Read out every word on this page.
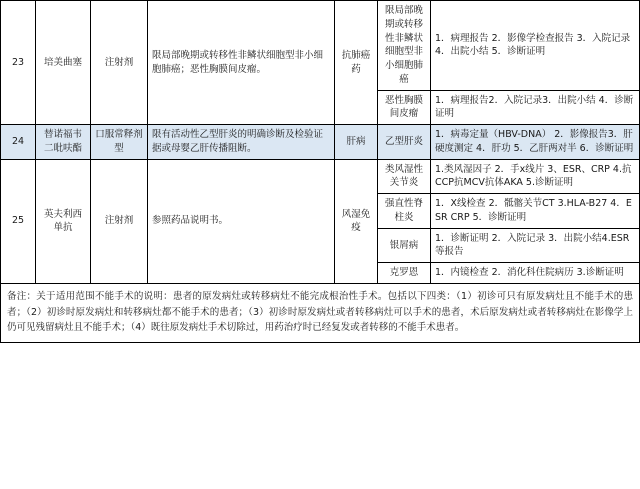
23	培美曲塞	注射剂	限局部晚期或转移性非鳞状细胞型非小细胞肺癌；恶性胸膜间皮瘤。	抗肺癌药	限局部晚期或转移性非鳞状细胞型非小细胞肺癌	1．病理报告 2．影像学检查报告 3．入院记录 4．出院小结 5．诊断证明
					恶性胸膜间皮瘤	1．病理报告2．入院记录3．出院小结 4．诊断证明
24	替诺福韦二吡呋酯	口服常释剂型	限有活动性乙型肝炎的明确诊断及检验证据或母婴乙肝传播阻断。	肝病	乙型肝炎	1．病毒定量（HBV-DNA） 2．影像报告3．肝硬度测定 4．肝功 5．乙肝两对半 6．诊断证明
25	英夫利西单抗	注射剂	参照药品说明书。	风湿免疫	类风湿性关节炎	1.类风湿因子 2．手х线片 3、ESR、CRP 4.抗CCP抗MCV抗体AKA 5.诊断证明
					强直性脊柱炎	1．X线检查 2．骶髂关节CT 3.HLA-B27 4．ESR CRP 5．诊断证明
					银屑病	1．诊断证明 2．入院记录 3．出院小结4.ESR 等报告
					克罗恩	1．内镜检查 2．消化科住院病历 3.诊断证明
备注：关于适用范围不能手术的说明：患者的原发病灶或转移病灶不能完成根治性手术。包括以下四类：（1）初诊可只有原发病灶且不能手术的患者；（2）初诊时原发病灶和转移病灶都不能手术的患者；（3）初诊时原发病灶或者转移病灶可以手术的患者，术后原发病灶或者转移病灶在影像学上仍可见残留病灶且不能手术；（4）既往原发病灶手术切除过，用药治疗时已经复发或者转移的不能手术患者。
